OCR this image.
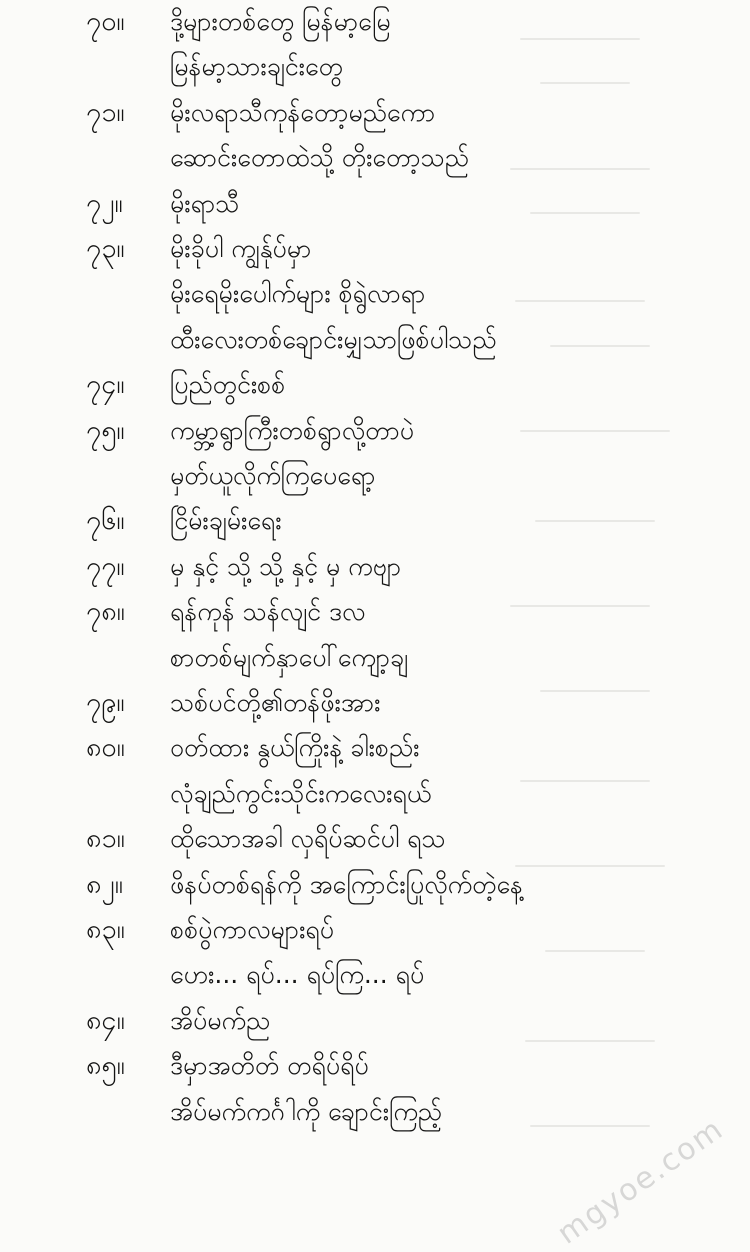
၇၀။	ဒို့များတစ်တွေ မြန်မာ့မြေ
မြန်မာ့သားချင်းတွေ
၇၁။	မိုးလရာသီကုန်တော့မည်ကော
ဆောင်းတောထဲသို့ တိုးတော့သည်
၇၂။	မိုးရာသီ
၇၃။	မိုးခိုပါ ကျွန်ုပ်မှာ
မိုးရေမိုးပေါက်များ စိုရွဲလာရာ
ထီးလေးတစ်ချောင်းမျှသာဖြစ်ပါသည်
၇၄။	ပြည်တွင်းစစ်
၇၅။	ကမ္ဘာ့ရွာကြီးတစ်ရွာလို့တာပဲ
မှတ်ယူလိုက်ကြပေရော့
၇၆။	ငြိမ်းချမ်းရေး
၇၇။	မှ နှင့် သို့ သို့ နှင့် မှ ကဗျာ
၇၈။	ရန်ကုန် သန်လျင် ဒလ
စာတစ်မျက်နှာပေါ်ကျော့ချ
၇၉။	သစ်ပင်တို့၏တန်ဖိုးအား
၈၀။	ဝတ်ထား နွယ်ကြိုးနဲ့ ခါးစည်း
လုံချည်ကွင်းသိုင်းကလေးရယ်
၈၁။	ထိုသောအခါ လှရိပ်ဆင်ပါ ရသ
၈၂။	ဖိနပ်တစ်ရန်ကို အကြောင်းပြုလိုက်တဲ့နေ့
၈၃။	စစ်ပွဲကာလများရပ်
ဟေး... ရပ်... ရပ်ကြ... ရပ်
၈၄။	အိပ်မက်ည
၈၅။	ဒီမှာအတိတ် တရိပ်ရိပ်
အိပ်မက်ကင်္ဂါကို ချောင်းကြည့်
mgyoe.com
